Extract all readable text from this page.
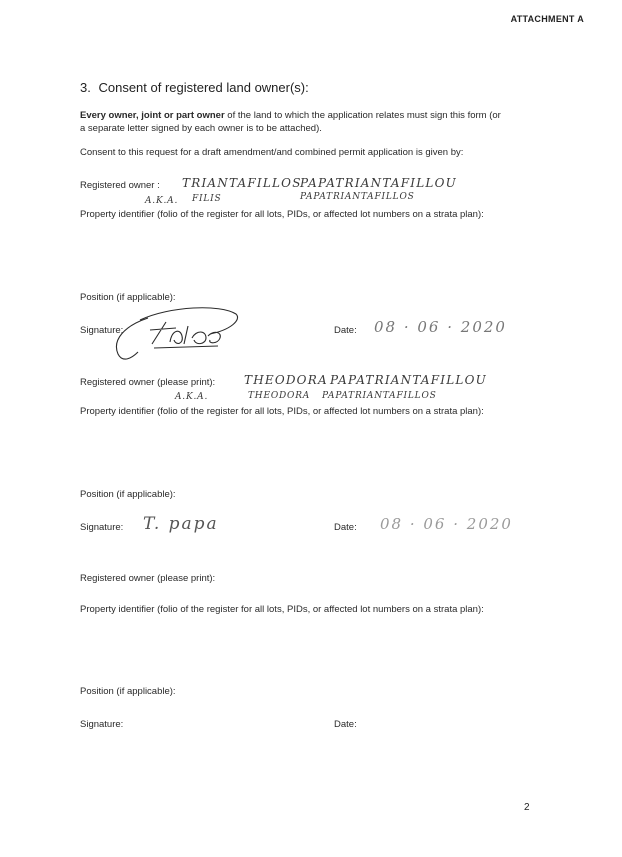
ATTACHMENT A
3. Consent of registered land owner(s):
Every owner, joint or part owner of the land to which the application relates must sign this form (or
a separate letter signed by each owner is to be attached).
Consent to this request for a draft amendment/and combined permit application is given by:
Registered owner : TRIANTAFILLOS
PAPATRIANTAFILLOU
A.K.A. FILIS	PAPATRIANTAFILLOS
Property identifier (folio of the register for all lots, PIDs, or affected lot numbers on a strata plan):
Position (if applicable):
Signature:	Date: 08 · 06 · 2020
Registered owner (please print): THEODORA PAPATRIANTAFILLOU
A.K.A.	THEODORA PAPATRIANTAFILLOS
Property identifier (folio of the register for all lots, PIDs, or affected lot numbers on a strata plan):
Position (if applicable):
Signature: T. papa	Date: 08 · 06 · 2020
Registered owner (please print):
Property identifier (folio of the register for all lots, PIDs, or affected lot numbers on a strata plan):
Position (if applicable):
Signature:	Date:
2
